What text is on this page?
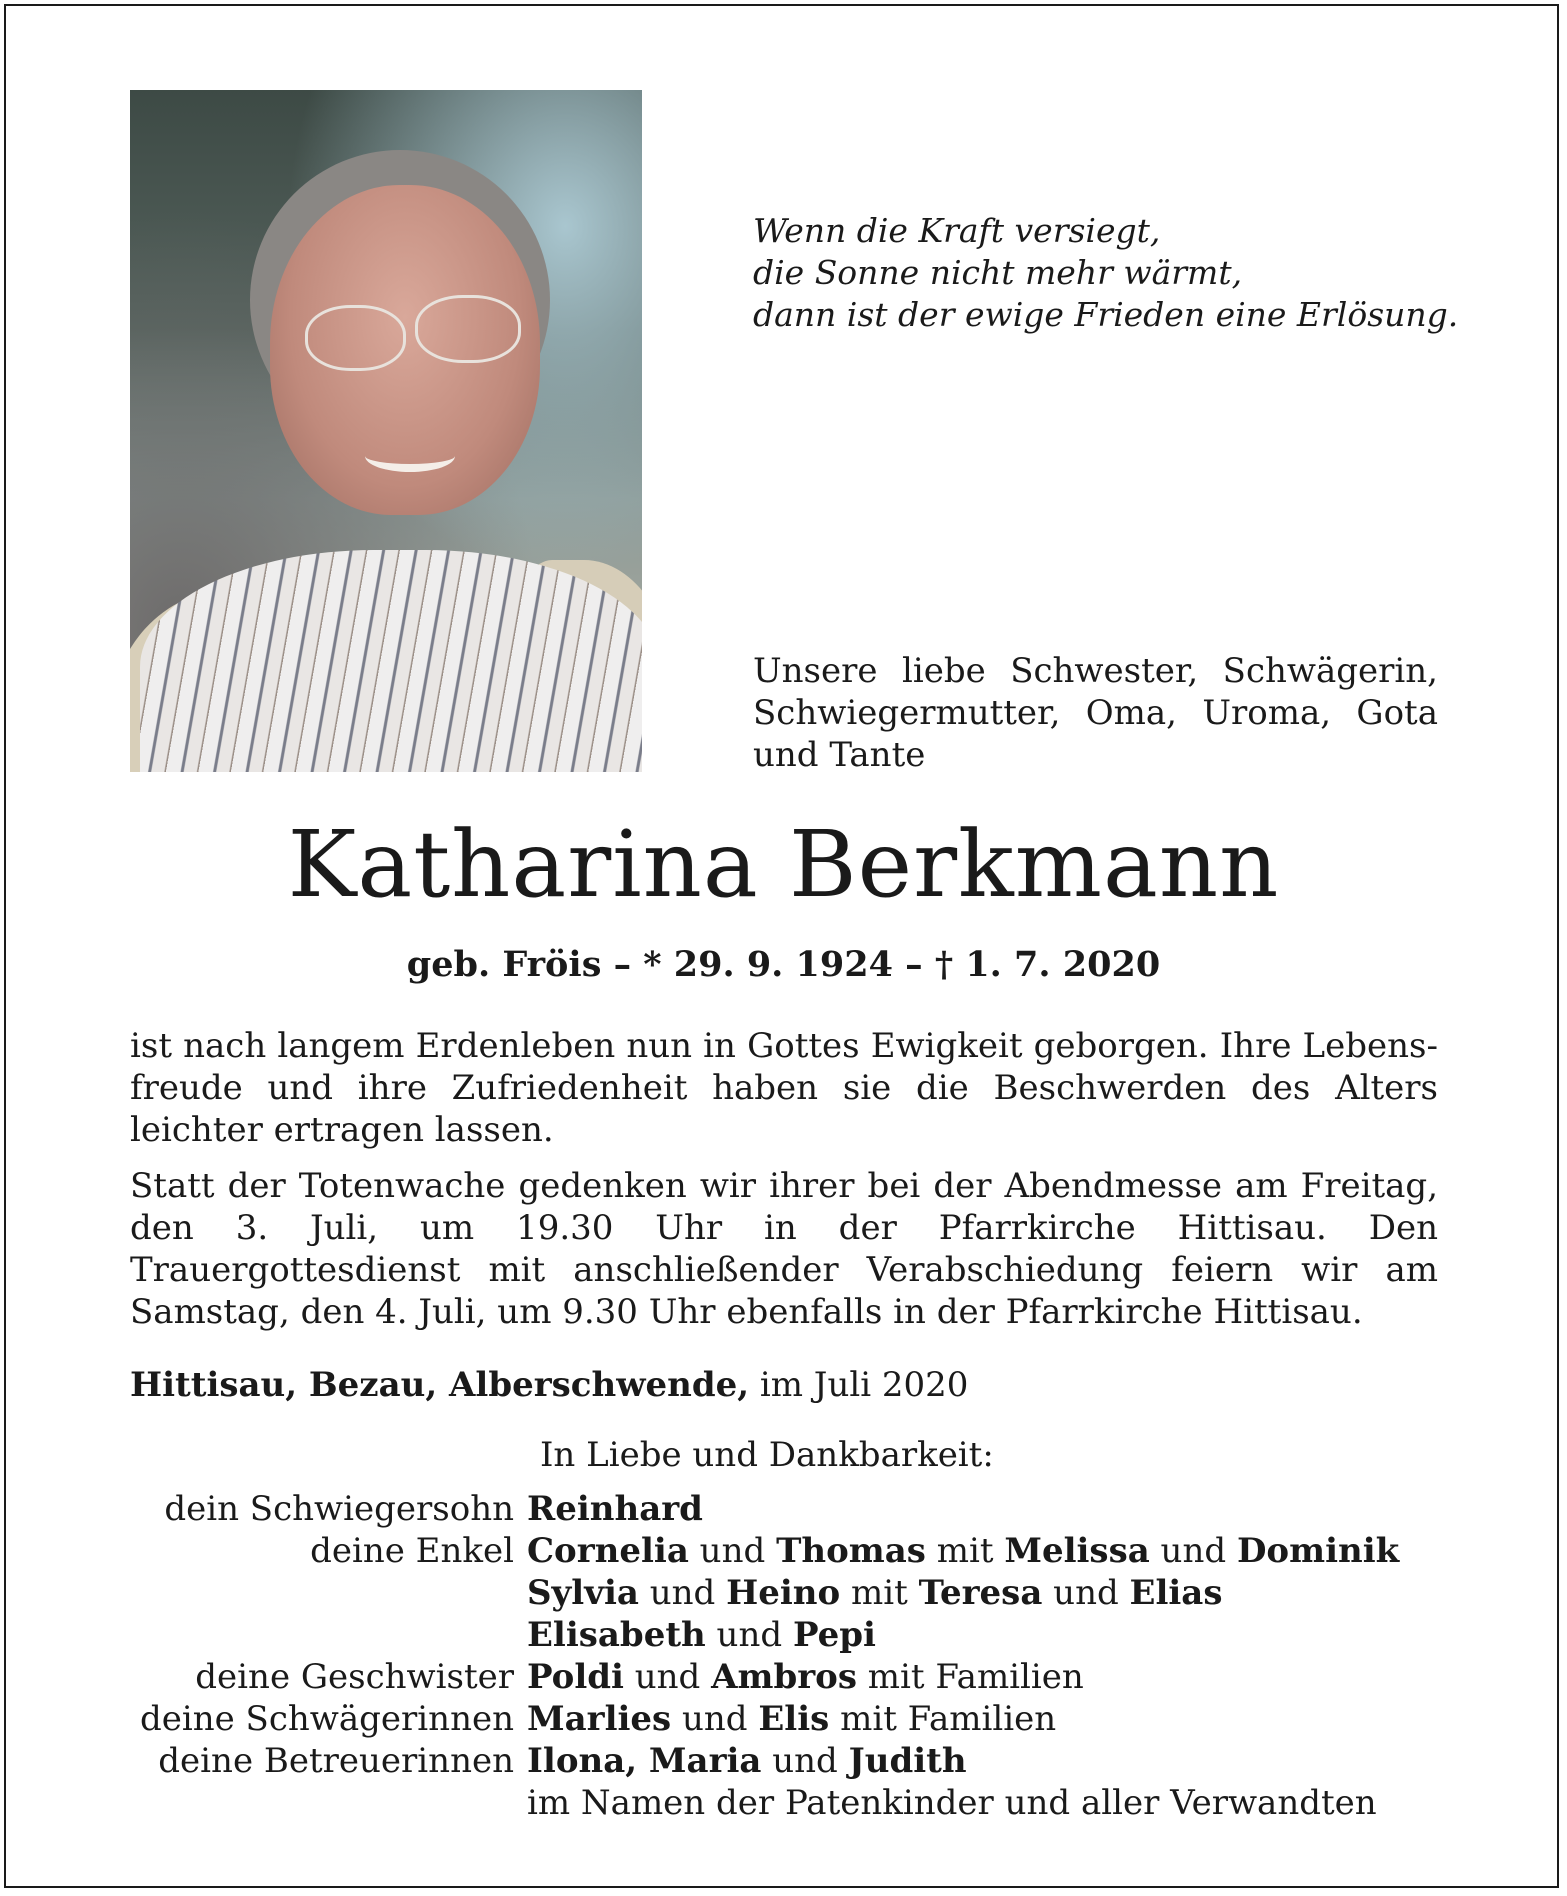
Wenn die Kraft versiegt,
die Sonne nicht mehr wärmt,
dann ist der ewige Frieden eine Erlösung.
Unsere liebe Schwester, Schwägerin, Schwiegermutter, Oma, Uroma, Gota und Tante
Katharina Berkmann
geb. Fröis – * 29. 9. 1924 – † 1. 7. 2020
ist nach langem Erdenleben nun in Gottes Ewigkeit geborgen. Ihre Lebensfreude und ihre Zufriedenheit haben sie die Beschwerden des Alters leichter ertragen lassen.
Statt der Totenwache gedenken wir ihrer bei der Abendmesse am Freitag, den 3. Juli, um 19.30 Uhr in der Pfarrkirche Hittisau. Den Trauergottesdienst mit anschließender Verabschiedung feiern wir am Samstag, den 4. Juli, um 9.30 Uhr ebenfalls in der Pfarrkirche Hittisau.
Hittisau, Bezau, Alberschwende, im Juli 2020
In Liebe und Dankbarkeit:
dein Schwiegersohn Reinhard
deine Enkel Cornelia und Thomas mit Melissa und Dominik
Sylvia und Heino mit Teresa und Elias
Elisabeth und Pepi
deine Geschwister Poldi und Ambros mit Familien
deine Schwägerinnen Marlies und Elis mit Familien
deine Betreuerinnen Ilona, Maria und Judith
im Namen der Patenkinder und aller Verwandten
